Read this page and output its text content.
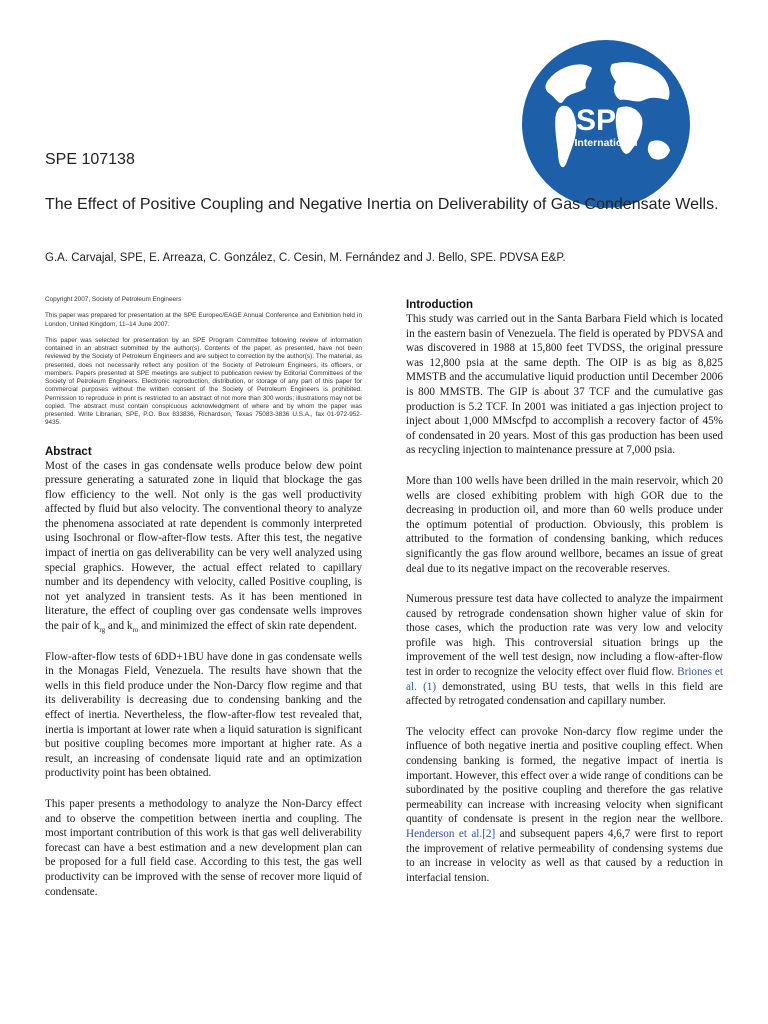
SPE
International
SPE 107138
The Effect of Positive Coupling and Negative Inertia on Deliverability of Gas Condensate Wells.
G.A. Carvajal, SPE, E. Arreaza, C. González, C. Cesin, M. Fernández and J. Bello, SPE. PDVSA E&P.

Copyright 2007, Society of Petroleum Engineers

This paper was prepared for presentation at the SPE Europec/EAGE Annual Conference and Exhibition held in London, United Kingdom, 11–14 June 2007.

This paper was selected for presentation by an SPE Program Committee following review of information contained in an abstract submitted by the author(s). Contents of the paper, as presented, have not been reviewed by the Society of Petroleum Engineers and are subject to correction by the author(s). The material, as presented, does not necessarily reflect any position of the Society of Petroleum Engineers, its officers, or members. Papers presented at SPE meetings are subject to publication review by Editorial Committees of the Society of Petroleum Engineers. Electronic reproduction, distribution, or storage of any part of this paper for commercial purposes without the written consent of the Society of Petroleum Engineers is prohibited. Permission to reproduce in print is restricted to an abstract of not more than 300 words; illustrations may not be copied. The abstract must contain conspicuous acknowledgment of where and by whom the paper was presented. Write Librarian, SPE, P.O. Box 833836, Richardson, Texas 75083-3836 U.S.A., fax 01-972-952-9435.

Abstract

Most of the cases in gas condensate wells produce below dew point pressure generating a saturated zone in liquid that blockage the gas flow efficiency to the well. Not only is the gas well productivity affected by fluid but also velocity. The conventional theory to analyze the phenomena associated at rate dependent is commonly interpreted using Isochronal or flow-after-flow tests. After this test, the negative impact of inertia on gas deliverability can be very well analyzed using special graphics. However, the actual effect related to capillary number and its dependency with velocity, called Positive coupling, is not yet analyzed in transient tests. As it has been mentioned in literature, the effect of coupling over gas condensate wells improves the pair of $k_{rg}$ and $k_{ro}$ and minimized the effect of skin rate dependent.

Flow-after-flow tests of 6DD+1BU have done in gas condensate wells in the Monagas Field, Venezuela. The results have shown that the wells in this field produce under the Non-Darcy flow regime and that its deliverability is decreasing due to condensing banking and the effect of inertia. Nevertheless, the flow-after-flow test revealed that, inertia is important at lower rate when a liquid saturation is significant but positive coupling becomes more important at higher rate. As a result, an increasing of condensate liquid rate and an optimization productivity point has been obtained.

This paper presents a methodology to analyze the Non-Darcy effect and to observe the competition between inertia and coupling. The most important contribution of this work is that gas well deliverability forecast can have a best estimation and a new development plan can be proposed for a full field case. According to this test, the gas well productivity can be improved with the sense of recover more liquid of condensate.

Introduction

This study was carried out in the Santa Barbara Field which is located in the eastern basin of Venezuela. The field is operated by PDVSA and was discovered in 1988 at 15,800 feet TVDSS, the original pressure was 12,800 psia at the same depth. The OIP is as big as 8,825 MMSTB and the accumulative liquid production until December 2006 is 800 MMSTB. The GIP is about 37 TCF and the cumulative gas production is 5.2 TCF. In 2001 was initiated a gas injection project to inject about 1,000 MMscfpd to accomplish a recovery factor of 45% of condensated in 20 years. Most of this gas production has been used as recycling injection to maintenance pressure at 7,000 psia.

More than 100 wells have been drilled in the main reservoir, which 20 wells are closed exhibiting problem with high GOR due to the decreasing in production oil, and more than 60 wells produce under the optimum potential of production. Obviously, this problem is attributed to the formation of condensing banking, which reduces significantly the gas flow around wellbore, becames an issue of great deal due to its negative impact on the recoverable reserves.

Numerous pressure test data have collected to analyze the impairment caused by retrograde condensation shown higher value of skin for those cases, which the production rate was very low and velocity profile was high. This controversial situation brings up the improvement of the well test design, now including a flow-after-flow test in order to recognize the velocity effect over fluid flow. Briones et al. (1) demonstrated, using BU tests, that wells in this field are affected by retrogated condensation and capillary number.

The velocity effect can provoke Non-darcy flow regime under the influence of both negative inertia and positive coupling effect. When condensing banking is formed, the negative impact of inertia is important. However, this effect over a wide range of conditions can be subordinated by the positive coupling and therefore the gas relative permeability can increase with increasing velocity when significant quantity of condensate is present in the region near the wellbore. Henderson et al.[2] and subsequent papers 4,6,7 were first to report the improvement of relative permeability of condensing systems due to an increase in velocity as well as that caused by a reduction in interfacial tension.
